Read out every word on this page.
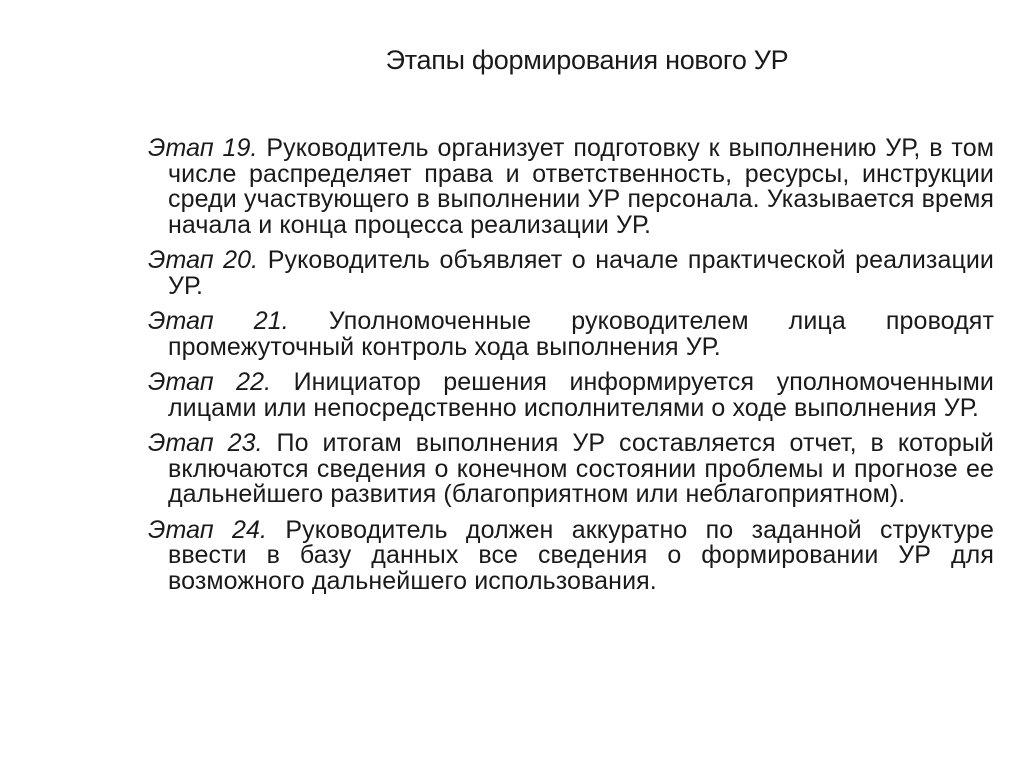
Этапы формирования нового УР

Этап 19. Руководитель организует подготовку к выполнению УР, в том числе распределяет права и ответственность, ресурсы, инструкции среди участвующего в выполнении УР персонала. Указывается время начала и конца процесса реализации УР.

Этап 20. Руководитель объявляет о начале практической реализации УР.

Этап 21. Уполномоченные руководителем лица проводят промежуточный контроль хода выполнения УР.

Этап 22. Инициатор решения информируется уполномоченными лицами или непосредственно исполнителями о ходе выполнения УР.

Этап 23. По итогам выполнения УР составляется отчет, в который включаются сведения о конечном состоянии проблемы и прогнозе ее дальнейшего развития (благоприятном или неблагоприятном).

Этап 24. Руководитель должен аккуратно по заданной структуре ввести в базу данных все сведения о формировании УР для возможного дальнейшего использования.
